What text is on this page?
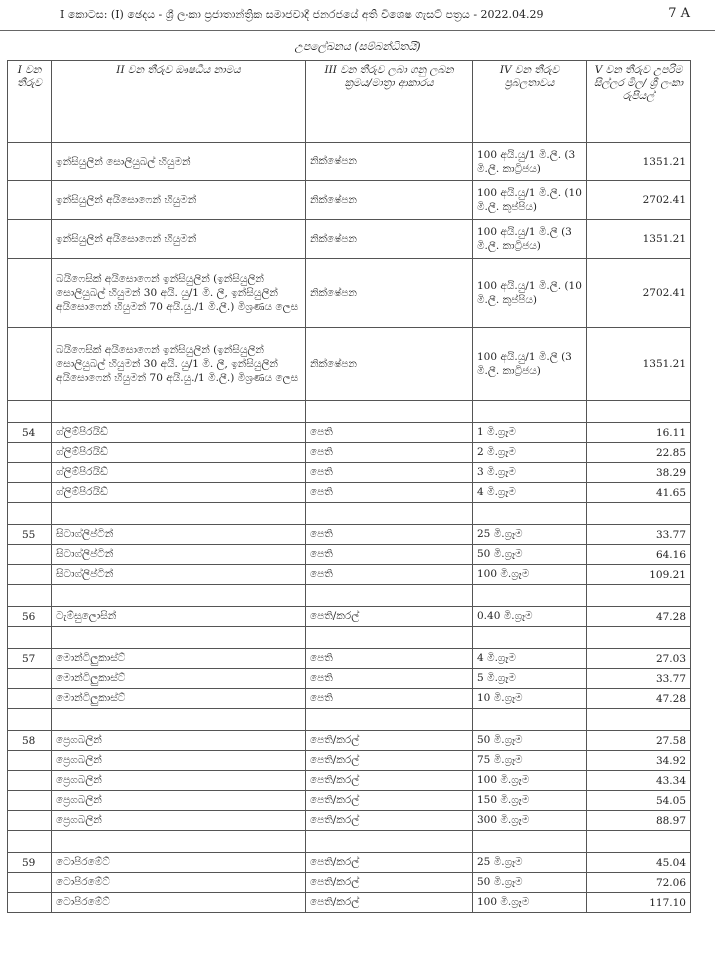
I කොටස: (I) ඡෙදය - ශ්‍රී ලංකා ප්‍රජාතාන්ත්‍රික සමාජවාදී ජනරජයේ අති විශෙෂ ගැසට් පත්‍රය - 2022.04.29	7 A
උපලේඛනය (සම්බන්ධිතයි)
I වන තීරුව	II වන තීරුව ඖෂධීය නාමය	III වන තීරුව ලබා ගනු ලබන ක්‍රමය/මාත්‍රා ආකාරය	IV වන තීරුව ප්‍රබලතාවය	V වන තීරුව උපරිම සිල්ලර මිල/ ශ්‍රී ලංකා රුපියල්
	ඉන්සියුලින් සොලියුබල් හියුමන්	නික්ෂේපන	100 අයි.යු/1 මි.ලී. (3 මි.ලී. කාට්‍රිජය)	1351.21
	ඉන්සියුලින් අයිසොෆෙන් හියුමන්	නික්ෂේපන	100 අයි.යු/1 මි.ලී. (10 මි.ලී. කුප්පිය)	2702.41
	ඉන්සියුලින් අයිසොෆෙන් හියුමන්	නික්ෂේපන	100 අයි.යු/1 මි.ලී (3 මි.ලී. කාට්‍රිජය)	1351.21
	බයිෆෙසික් අයිසොෆෙන් ඉන්සියුලින් (ඉන්සියුලින් සොලියුබල් හියුමන් 30 අයි. යු/1 මි. ලී, ඉන්සියුලින් අයිසොෆෙන් හියුමන් 70 අයි.යු./1 මි.ලී.) මිශ්‍රණය ලෙස	නික්ෂේපන	100 අයි.යු/1 මි.ලී. (10 මි.ලී. කුප්පිය)	2702.41
	බයිෆෙසික් අයිසොෆෙන් ඉන්සියුලින් (ඉන්සියුලින් සොලියුබල් හියුමන් 30 අයි. යු/1 මි. ලී, ඉන්සියුලින් අයිසොෆෙන් හියුමන් 70 අයි.යු./1 මි.ලී.) මිශ්‍රණය ලෙස	නික්ෂේපන	100 අයි.යු/1 මි.ලී (3 මි.ලී. කාට්‍රිජය)	1351.21

54	ග්ලිම්පිරයිඩ්	පෙති	1 මි.ග්‍රෑම	16.11
	ග්ලිම්පිරයිඩ්	පෙති	2 මි.ග්‍රෑම	22.85
	ග්ලිම්පිරයිඩ්	පෙති	3 මි.ග්‍රෑම	38.29
	ග්ලිම්පිරයිඩ්	පෙති	4 මි.ග්‍රෑම	41.65

55	සිටාග්ලිප්ටින්	පෙති	25 මි.ග්‍රෑම	33.77
	සිටාග්ලිප්ටින්	පෙති	50 මි.ග්‍රෑම	64.16
	සිටාග්ලිප්ටින්	පෙති	100 මි.ග්‍රෑම	109.21

56	ටැම්සුලොසින්	පෙති/කරල්	0.40 මි.ග්‍රෑම	47.28

57	මොන්ටිලුකාස්ට්	පෙති	4 මි.ග්‍රෑම	27.03
	මොන්ටිලුකාස්ට්	පෙති	5 මි.ග්‍රෑම	33.77
	මොන්ටිලුකාස්ට්	පෙති	10 මි.ග්‍රෑම	47.28

58	ප්‍රෙගබලින්	පෙති/කරල්	50 මි.ග්‍රෑම	27.58
	ප්‍රෙගබලින්	පෙති/කරල්	75 මි.ග්‍රෑම	34.92
	ප්‍රෙගබලින්	පෙති/කරල්	100 මි.ග්‍රෑම	43.34
	ප්‍රෙගබලින්	පෙති/කරල්	150 මි.ග්‍රෑම	54.05
	ප්‍රෙගබලින්	පෙති/කරල්	300 මි.ග්‍රෑම	88.97

59	ටොපිරමේට්	පෙති/කරල්	25 මි.ග්‍රෑම	45.04
	ටොපිරමේට්	පෙති/කරල්	50 මි.ග්‍රෑම	72.06
	ටොපිරමේට්	පෙති/කරල්	100 මි.ග්‍රෑම	117.10
